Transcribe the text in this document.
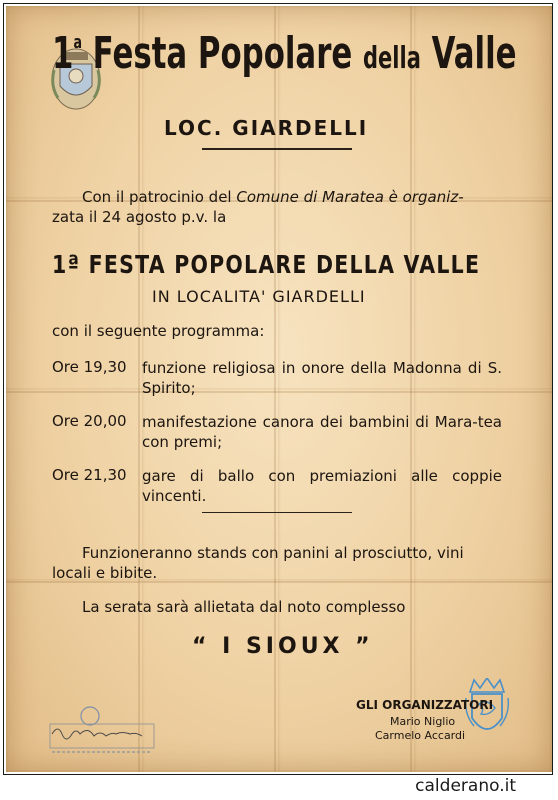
1$^a$ Festa Popolare della Valle
LOC. GIARDELLI
Con il patrocinio del Comune di Maratea è organiz-
zata il 24 agosto p.v. la
1ª FESTA POPOLARE DELLA VALLE
IN LOCALITA' GIARDELLI
con il seguente programma:
Ore 19,30 funzione religiosa in onore della Madonna di S. Spirito;
Ore 20,00 manifestazione canora dei bambini di Mara-tea con premi;
Ore 21,30 gare di ballo con premiazioni alle coppie vincenti.
Funzioneranno stands con panini al prosciutto, vini
locali e bibite.
La serata sarà allietata dal noto complesso
“ I SIOUX ”
GLI ORGANIZZATORI
Mario Niglio
Carmelo Accardi
calderano.it
